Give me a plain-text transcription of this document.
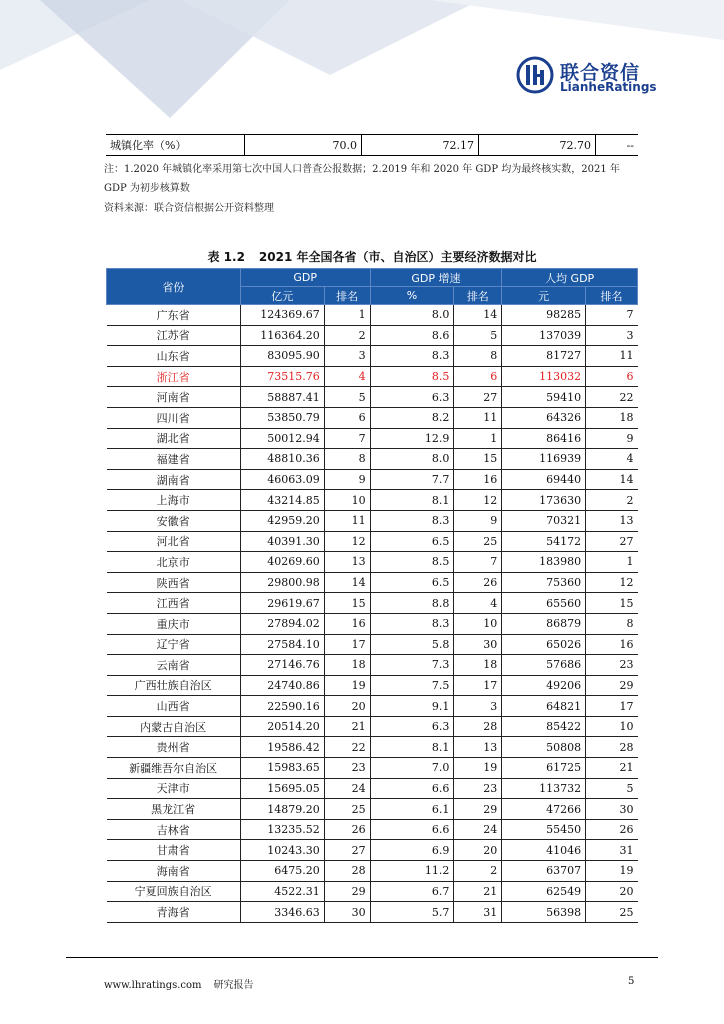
联合资信
LianheRatings
城镇化率（%）	70.0	72.17	72.70	--
注：1.2020 年城镇化率采用第七次中国人口普查公报数据；2.2019 年和 2020 年 GDP 均为最终核实数，2021 年 GDP 为初步核算数
资料来源：联合资信根据公开资料整理
表 1.2 2021 年全国各省（市、自治区）主要经济数据对比
省份	GDP		GDP 增速		人均 GDP	
	亿元	排名	%	排名	元	排名
广东省	124369.67	1	8.0	14	98285	7
江苏省	116364.20	2	8.6	5	137039	3
山东省	83095.90	3	8.3	8	81727	11
浙江省	73515.76	4	8.5	6	113032	6
河南省	58887.41	5	6.3	27	59410	22
四川省	53850.79	6	8.2	11	64326	18
湖北省	50012.94	7	12.9	1	86416	9
福建省	48810.36	8	8.0	15	116939	4
湖南省	46063.09	9	7.7	16	69440	14
上海市	43214.85	10	8.1	12	173630	2
安徽省	42959.20	11	8.3	9	70321	13
河北省	40391.30	12	6.5	25	54172	27
北京市	40269.60	13	8.5	7	183980	1
陕西省	29800.98	14	6.5	26	75360	12
江西省	29619.67	15	8.8	4	65560	15
重庆市	27894.02	16	8.3	10	86879	8
辽宁省	27584.10	17	5.8	30	65026	16
云南省	27146.76	18	7.3	18	57686	23
广西壮族自治区	24740.86	19	7.5	17	49206	29
山西省	22590.16	20	9.1	3	64821	17
内蒙古自治区	20514.20	21	6.3	28	85422	10
贵州省	19586.42	22	8.1	13	50808	28
新疆维吾尔自治区	15983.65	23	7.0	19	61725	21
天津市	15695.05	24	6.6	23	113732	5
黑龙江省	14879.20	25	6.1	29	47266	30
吉林省	13235.52	26	6.6	24	55450	26
甘肃省	10243.30	27	6.9	20	41046	31
海南省	6475.20	28	11.2	2	63707	19
宁夏回族自治区	4522.31	29	6.7	21	62549	20
青海省	3346.63	30	5.7	31	56398	25
www.lhratings.com 研究报告	5
